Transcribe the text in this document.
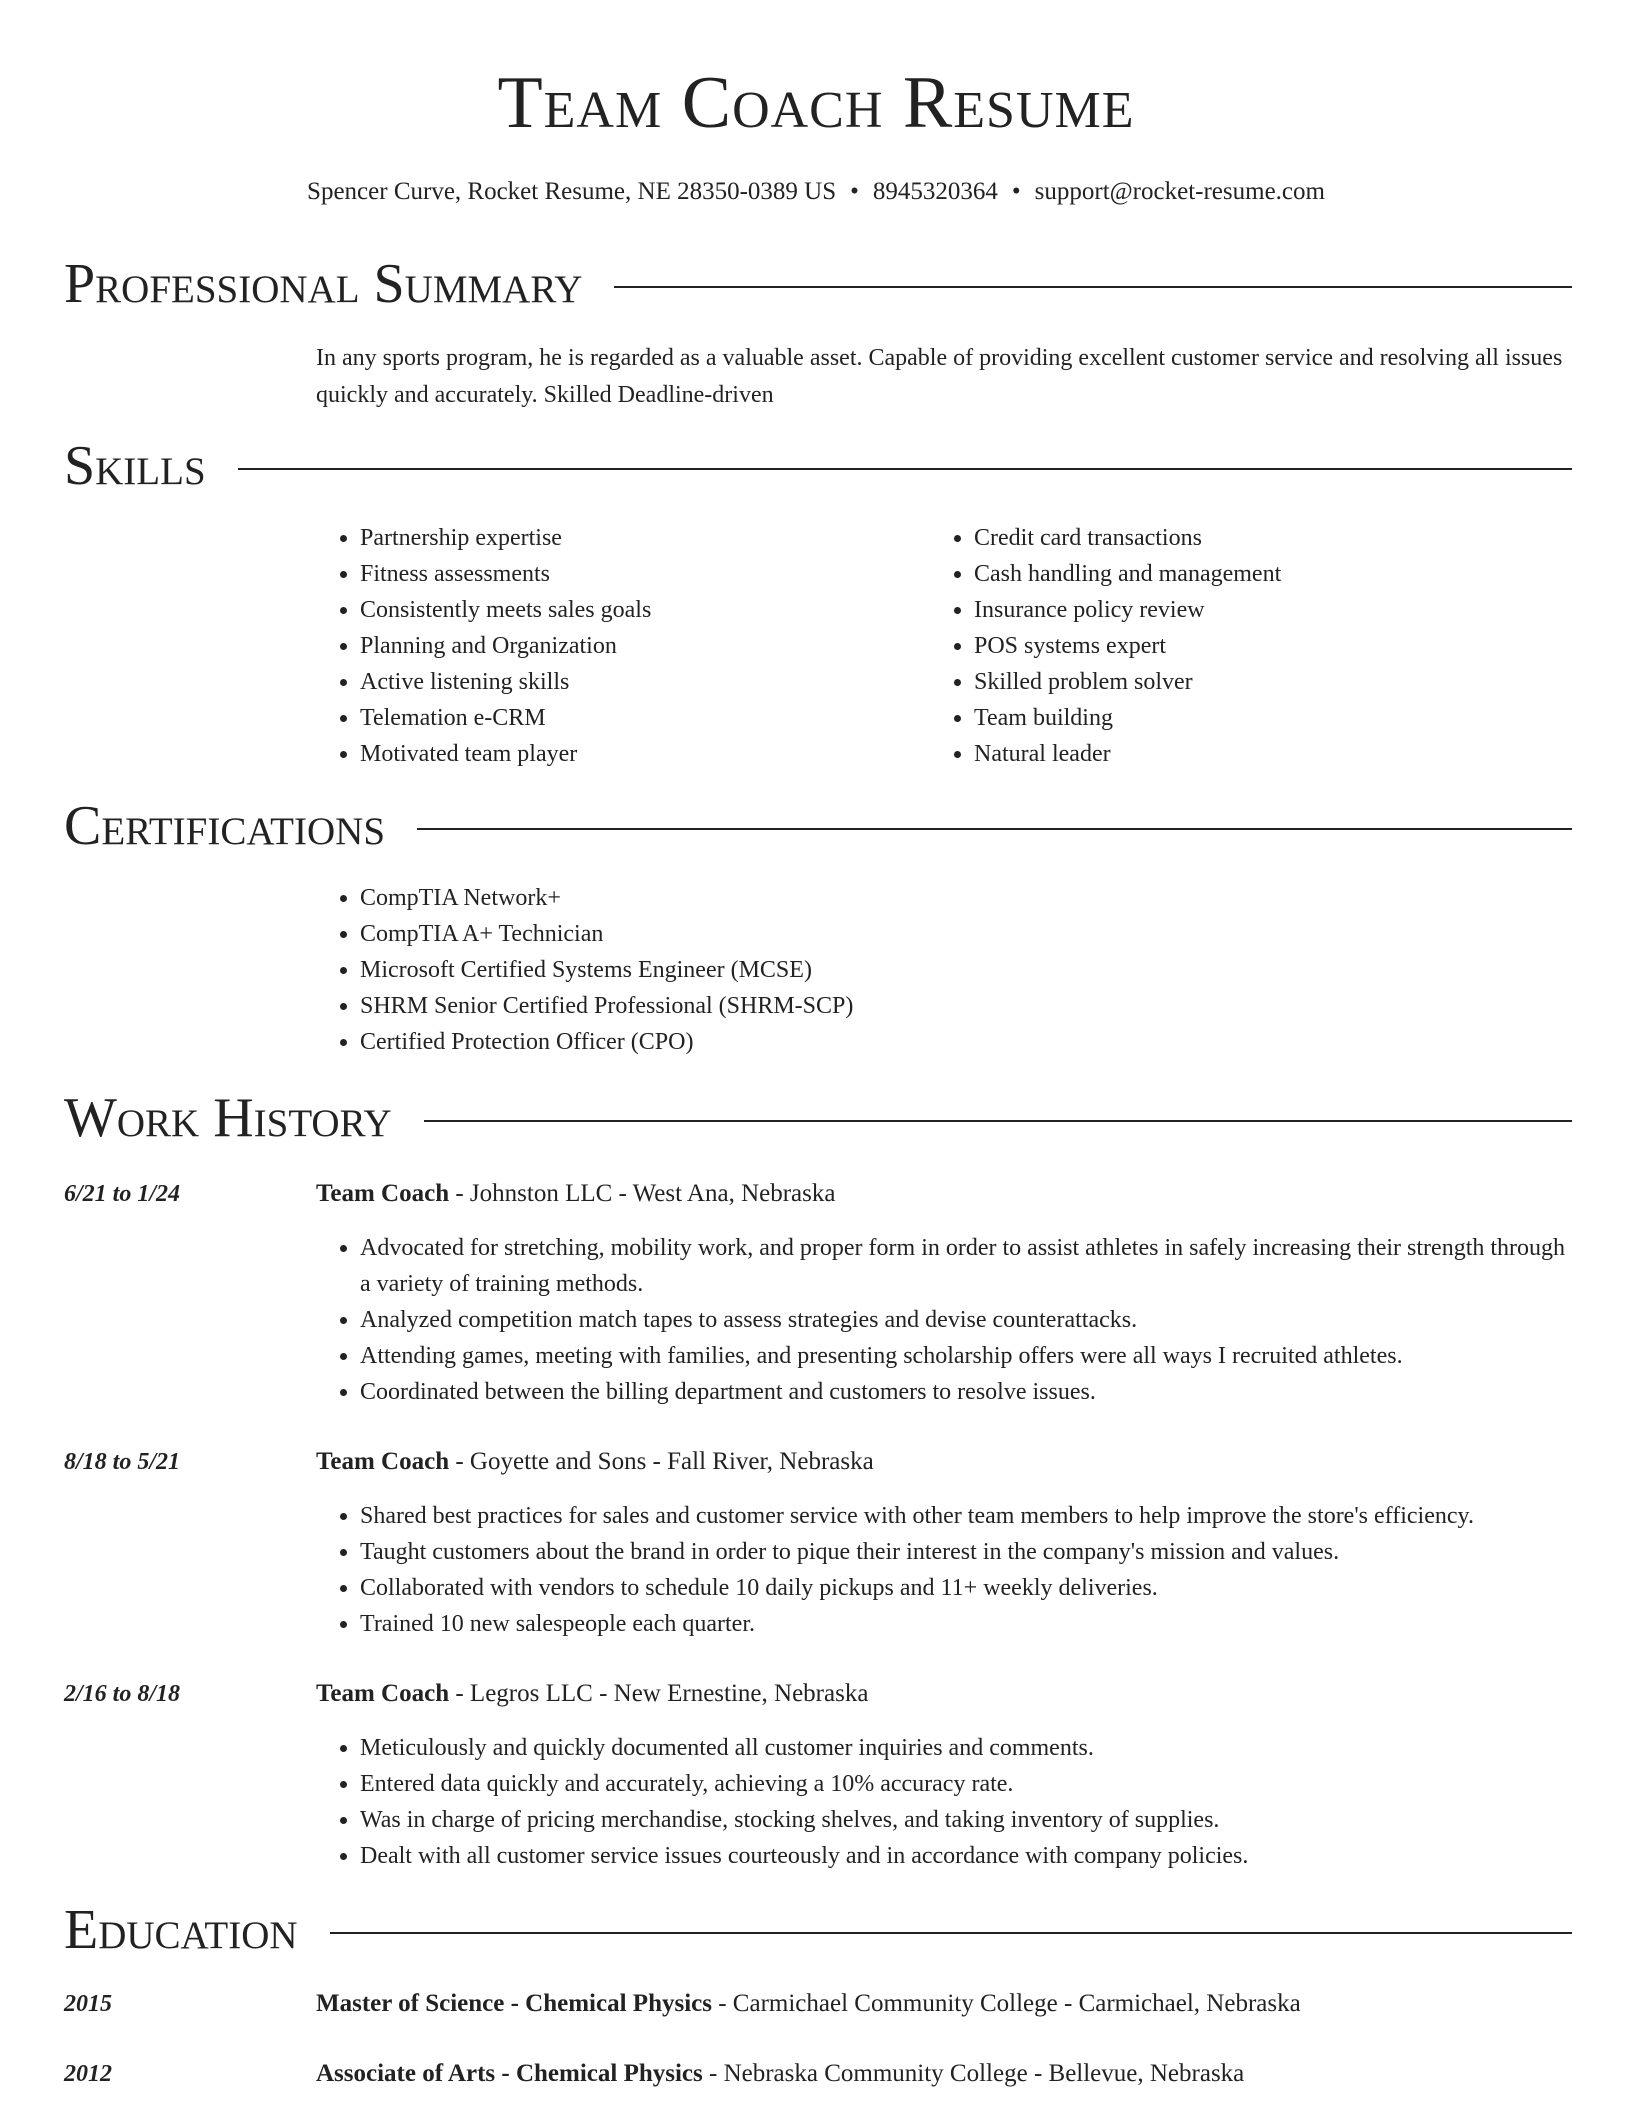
Team Coach Resume
Spencer Curve, Rocket Resume, NE 28350-0389 US • 8945320364 • support@rocket-resume.com
Professional Summary
In any sports program, he is regarded as a valuable asset. Capable of providing excellent customer service and resolving all issues quickly and accurately. Skilled Deadline-driven
Skills
• Partnership expertise
• Fitness assessments
• Consistently meets sales goals
• Planning and Organization
• Active listening skills
• Telemation e-CRM
• Motivated team player
• Credit card transactions
• Cash handling and management
• Insurance policy review
• POS systems expert
• Skilled problem solver
• Team building
• Natural leader
Certifications
• CompTIA Network+
• CompTIA A+ Technician
• Microsoft Certified Systems Engineer (MCSE)
• SHRM Senior Certified Professional (SHRM-SCP)
• Certified Protection Officer (CPO)
Work History
6/21 to 1/24	Team Coach - Johnston LLC - West Ana, Nebraska
• Advocated for stretching, mobility work, and proper form in order to assist athletes in safely increasing their strength through a variety of training methods.
• Analyzed competition match tapes to assess strategies and devise counterattacks.
• Attending games, meeting with families, and presenting scholarship offers were all ways I recruited athletes.
• Coordinated between the billing department and customers to resolve issues.
8/18 to 5/21	Team Coach - Goyette and Sons - Fall River, Nebraska
• Shared best practices for sales and customer service with other team members to help improve the store's efficiency.
• Taught customers about the brand in order to pique their interest in the company's mission and values.
• Collaborated with vendors to schedule 10 daily pickups and 11+ weekly deliveries.
• Trained 10 new salespeople each quarter.
2/16 to 8/18	Team Coach - Legros LLC - New Ernestine, Nebraska
• Meticulously and quickly documented all customer inquiries and comments.
• Entered data quickly and accurately, achieving a 10% accuracy rate.
• Was in charge of pricing merchandise, stocking shelves, and taking inventory of supplies.
• Dealt with all customer service issues courteously and in accordance with company policies.
Education
2015	Master of Science - Chemical Physics - Carmichael Community College - Carmichael, Nebraska
2012	Associate of Arts - Chemical Physics - Nebraska Community College - Bellevue, Nebraska
